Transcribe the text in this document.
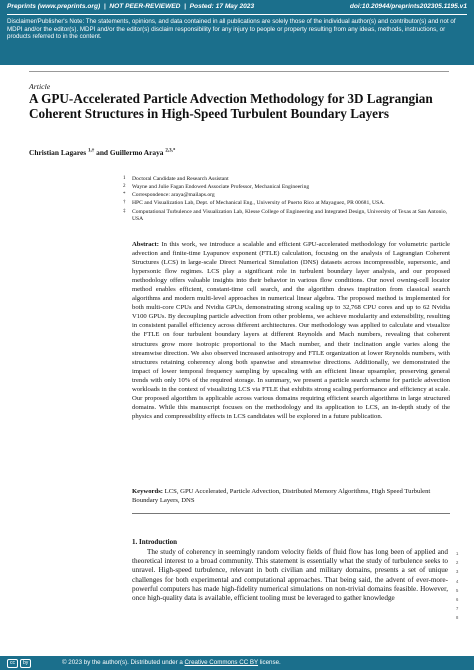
Preprints (www.preprints.org)  |  NOT PEER-REVIEWED  |  Posted: 17 May 2023	doi:10.20944/preprints202305.1195.v1
Disclaimer/Publisher's Note: The statements, opinions, and data contained in all publications are solely those of the individual author(s) and contributor(s) and not of MDPI and/or the editor(s). MDPI and/or the editor(s) disclaim responsibility for any injury to people or property resulting from any ideas, methods, instructions, or products referred to in the content.
Article
A GPU-Accelerated Particle Advection Methodology for 3D Lagrangian Coherent Structures in High-Speed Turbulent Boundary Layers
Christian Lagares $^{1,\dagger}$ and Guillermo Araya $^{2,3,*}$
1 Doctoral Candidate and Research Assistant
2 Wayne and Julie Fagan Endowed Associate Professor, Mechanical Engineering
* Correspondence: araya@mailaps.org
† HPC and Visualization Lab, Dept. of Mechanical Eng., University of Puerto Rico at Mayaguez, PR 00681, USA.
‡ Computational Turbulence and Visualization Lab, Klesse College of Engineering and Integrated Design, University of Texas at San Antonio, USA
Abstract: In this work, we introduce a scalable and efficient GPU-accelerated methodology for volumetric particle advection and finite-time Lyapunov exponent (FTLE) calculation, focusing on the analysis of Lagrangian Coherent Structures (LCS) in large-scale Direct Numerical Simulation (DNS) datasets across incompressible, supersonic, and hypersonic flow regimes. LCS play a significant role in turbulent boundary layer analysis, and our proposed methodology offers valuable insights into their behavior in various flow conditions. Our novel owning-cell locator method enables efficient, constant-time cell search, and the algorithm draws inspiration from classical search algorithms and modern multi-level approaches in numerical linear algebra. The proposed method is implemented for both multi-core CPUs and Nvidia GPUs, demonstrating strong scaling up to 32,768 CPU cores and up to 62 Nvidia V100 GPUs. By decoupling particle advection from other problems, we achieve modularity and extensibility, resulting in consistent parallel efficiency across different architectures. Our methodology was applied to calculate and visualize the FTLE on four turbulent boundary layers at different Reynolds and Mach numbers, revealing that coherent structures grow more isotropic proportional to the Mach number, and their inclination angle varies along the streamwise direction. We also observed increased anisotropy and FTLE organization at lower Reynolds numbers, with structures retaining coherency along both spanwise and streamwise directions. Additionally, we demonstrated the impact of lower temporal frequency sampling by upscaling with an efficient linear upsampler, preserving general trends with only 10% of the required storage. In summary, we present a particle search scheme for particle advection workloads in the context of visualizing LCS via FTLE that exhibits strong scaling performance and efficiency at scale. Our proposed algorithm is applicable across various domains requiring efficient search algorithms in large structured domains. While this manuscript focuses on the methodology and its application to LCS, an in-depth study of the physics and compressibility effects in LCS candidates will be explored in a future publication.
Keywords: LCS, GPU Accelerated, Particle Advection, Distributed Memory Algorithms, High Speed Turbulent Boundary Layers, DNS
1. Introduction
The study of coherency in seemingly random velocity fields of fluid flow has long been of applied and theoretical interest to a broad community. This statement is essentially what the study of turbulence seeks to unravel. High-speed turbulence, relevant in both civilian and military domains, presents a set of unique challenges for both experimental and computational approaches. That being said, the advent of ever-more-powerful computers has made high-fidelity numerical simulations on non-trivial domains feasible. However, once high-quality data is available, efficient tooling must be leveraged to gather knowledge
1
2
3
4
5
6
7
8
cc	by	© 2023 by the author(s). Distributed under a Creative Commons CC BY license.
